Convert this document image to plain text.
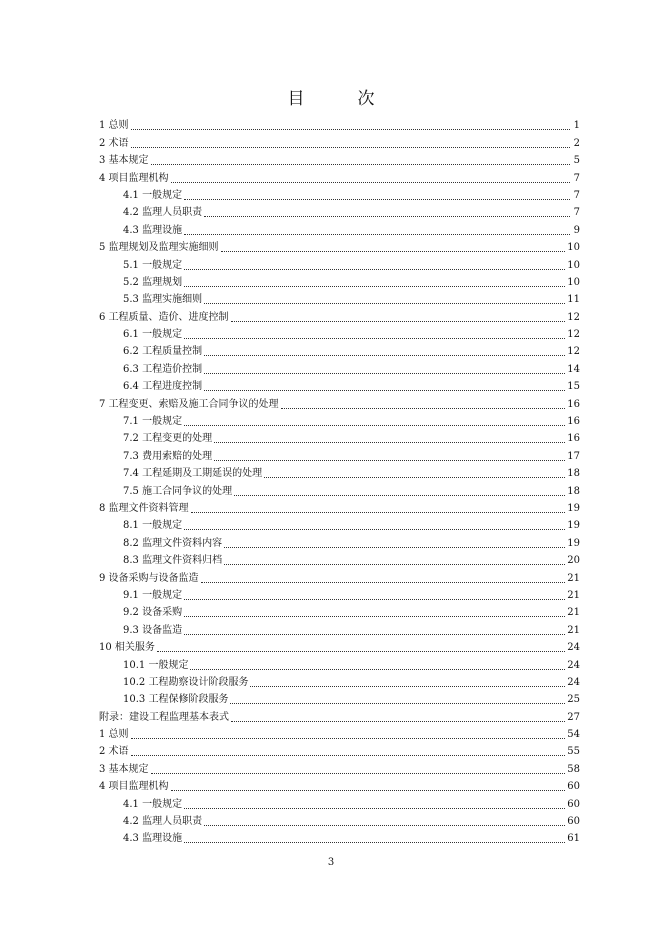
目　次
1 总则	1
2 术语	2
3 基本规定	5
4 项目监理机构	7
4.1 一般规定	7
4.2 监理人员职责	7
4.3 监理设施	9
5 监理规划及监理实施细则	10
5.1 一般规定	10
5.2 监理规划	10
5.3 监理实施细则	11
6 工程质量、造价、进度控制	12
6.1 一般规定	12
6.2 工程质量控制	12
6.3 工程造价控制	14
6.4 工程进度控制	15
7 工程变更、索赔及施工合同争议的处理	16
7.1 一般规定	16
7.2 工程变更的处理	16
7.3 费用索赔的处理	17
7.4 工程延期及工期延误的处理	18
7.5 施工合同争议的处理	18
8 监理文件资料管理	19
8.1 一般规定	19
8.2 监理文件资料内容	19
8.3 监理文件资料归档	20
9 设备采购与设备监造	21
9.1 一般规定	21
9.2 设备采购	21
9.3 设备监造	21
10 相关服务	24
10.1 一般规定	24
10.2 工程勘察设计阶段服务	24
10.3 工程保修阶段服务	25
附录：建设工程监理基本表式	27
1 总则	54
2 术语	55
3 基本规定	58
4 项目监理机构	60
4.1 一般规定	60
4.2 监理人员职责	60
4.3 监理设施	61
3
